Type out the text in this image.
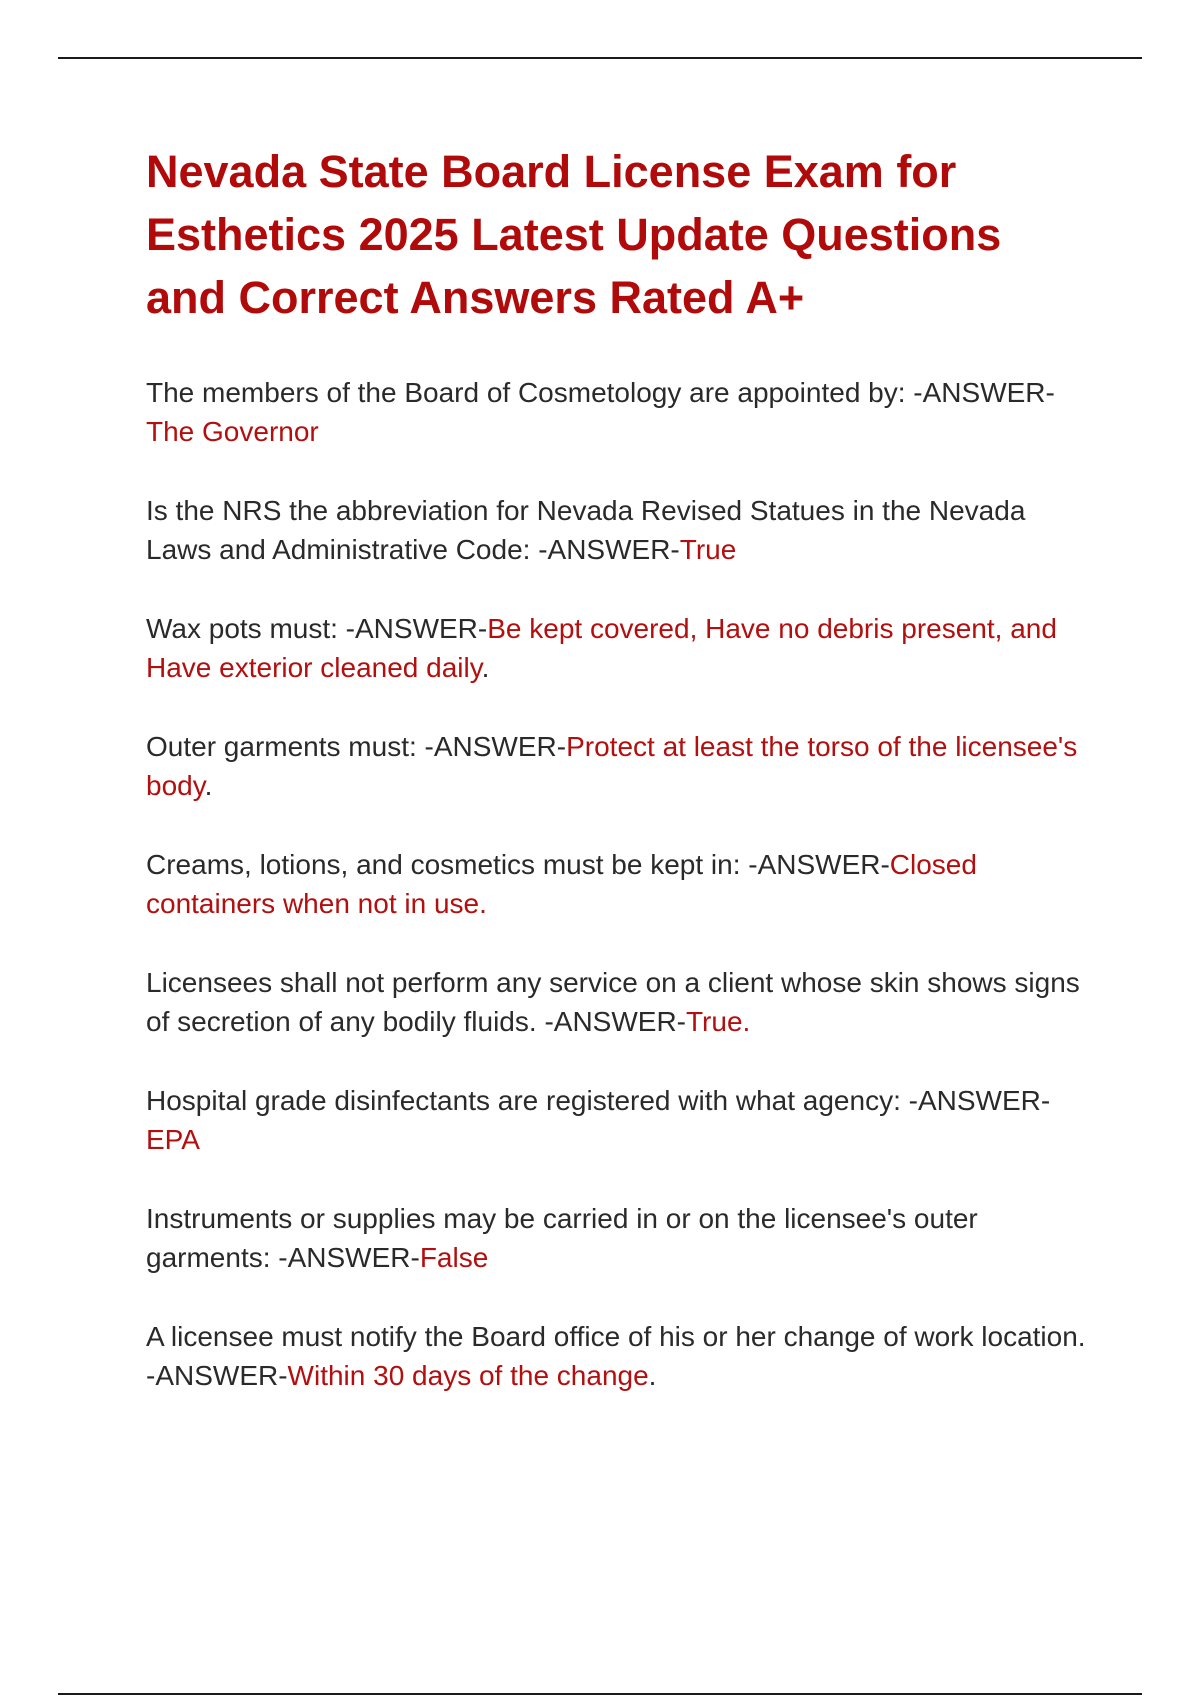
Nevada State Board License Exam for Esthetics 2025 Latest Update Questions and Correct Answers Rated A+

The members of the Board of Cosmetology are appointed by: -ANSWER-The Governor

Is the NRS the abbreviation for Nevada Revised Statues in the Nevada Laws and Administrative Code: -ANSWER-True

Wax pots must: -ANSWER-Be kept covered, Have no debris present, and Have exterior cleaned daily.

Outer garments must: -ANSWER-Protect at least the torso of the licensee's body.

Creams, lotions, and cosmetics must be kept in: -ANSWER-Closed containers when not in use.

Licensees shall not perform any service on a client whose skin shows signs of secretion of any bodily fluids. -ANSWER-True.

Hospital grade disinfectants are registered with what agency: -ANSWER-EPA

Instruments or supplies may be carried in or on the licensee's outer garments: -ANSWER-False

A licensee must notify the Board office of his or her change of work location. -ANSWER-Within 30 days of the change.
